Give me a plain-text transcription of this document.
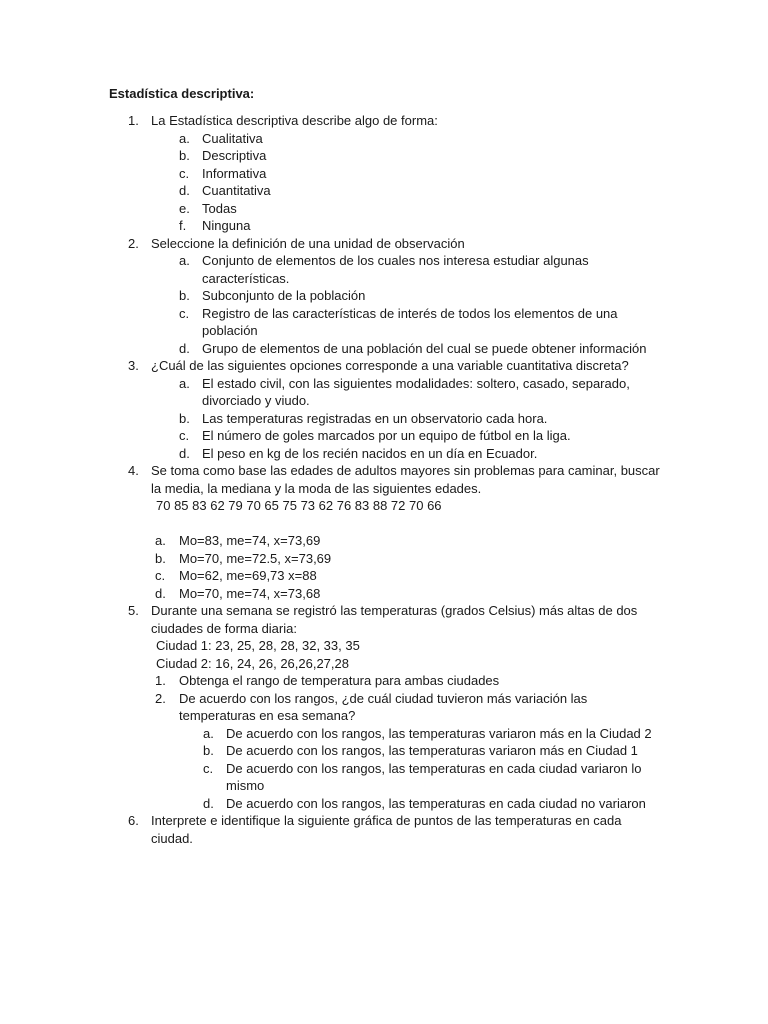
Estadística descriptiva:
1. La Estadística descriptiva describe algo de forma:
a. Cualitativa
b. Descriptiva
c. Informativa
d. Cuantitativa
e. Todas
f. Ninguna
2. Seleccione la definición de una unidad de observación
a. Conjunto de elementos de los cuales nos interesa estudiar algunas
características.
b. Subconjunto de la población
c. Registro de las características de interés de todos los elementos de una
población
d. Grupo de elementos de una población del cual se puede obtener información
3. ¿Cuál de las siguientes opciones corresponde a una variable cuantitativa discreta?
a. El estado civil, con las siguientes modalidades: soltero, casado, separado,
divorciado y viudo.
b. Las temperaturas registradas en un observatorio cada hora.
c. El número de goles marcados por un equipo de fútbol en la liga.
d. El peso en kg de los recién nacidos en un día en Ecuador.
4. Se toma como base las edades de adultos mayores sin problemas para caminar, buscar
la media, la mediana y la moda de las siguientes edades.
70 85 83 62 79 70 65 75 73 62 76 83 88 72 70 66
a. Mo=83, me=74, x=73,69
b. Mo=70, me=72.5, x=73,69
c. Mo=62, me=69,73 x=88
d. Mo=70, me=74, x=73,68
5. Durante una semana se registró las temperaturas (grados Celsius) más altas de dos
ciudades de forma diaria:
Ciudad 1: 23, 25, 28, 28, 32, 33, 35
Ciudad 2: 16, 24, 26, 26,26,27,28
1. Obtenga el rango de temperatura para ambas ciudades
2. De acuerdo con los rangos, ¿de cuál ciudad tuvieron más variación las
temperaturas en esa semana?
a. De acuerdo con los rangos, las temperaturas variaron más en la Ciudad 2
b. De acuerdo con los rangos, las temperaturas variaron más en Ciudad 1
c. De acuerdo con los rangos, las temperaturas en cada ciudad variaron lo
mismo
d. De acuerdo con los rangos, las temperaturas en cada ciudad no variaron
6. Interprete e identifique la siguiente gráfica de puntos de las temperaturas en cada
ciudad.
